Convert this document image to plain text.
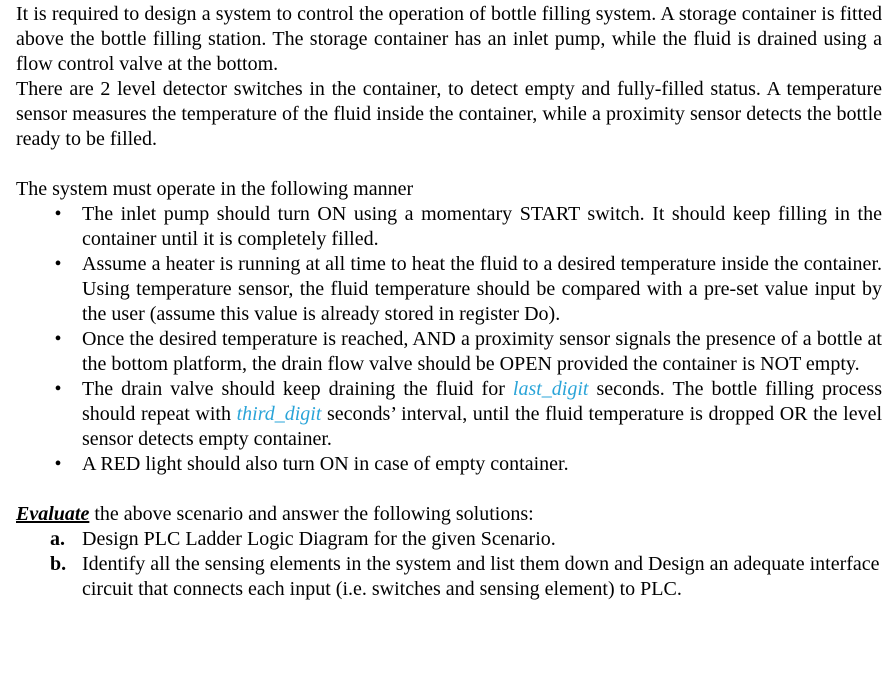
It is required to design a system to control the operation of bottle filling system. A storage container is fitted above the bottle filling station. The storage container has an inlet pump, while the fluid is drained using a flow control valve at the bottom.

There are 2 level detector switches in the container, to detect empty and fully-filled status. A temperature sensor measures the temperature of the fluid inside the container, while a proximity sensor detects the bottle ready to be filled.

The system must operate in the following manner

• The inlet pump should turn ON using a momentary START switch. It should keep filling in the container until it is completely filled.
• Assume a heater is running at all time to heat the fluid to a desired temperature inside the container. Using temperature sensor, the fluid temperature should be compared with a pre-set value input by the user (assume this value is already stored in register Do).
• Once the desired temperature is reached, AND a proximity sensor signals the presence of a bottle at the bottom platform, the drain flow valve should be OPEN provided the container is NOT empty.
• The drain valve should keep draining the fluid for last_digit seconds. The bottle filling process should repeat with third_digit seconds’ interval, until the fluid temperature is dropped OR the level sensor detects empty container.
• A RED light should also turn ON in case of empty container.

Evaluate the above scenario and answer the following solutions:

a. Design PLC Ladder Logic Diagram for the given Scenario.
b. Identify all the sensing elements in the system and list them down and Design an adequate interface circuit that connects each input (i.e. switches and sensing element) to PLC.
